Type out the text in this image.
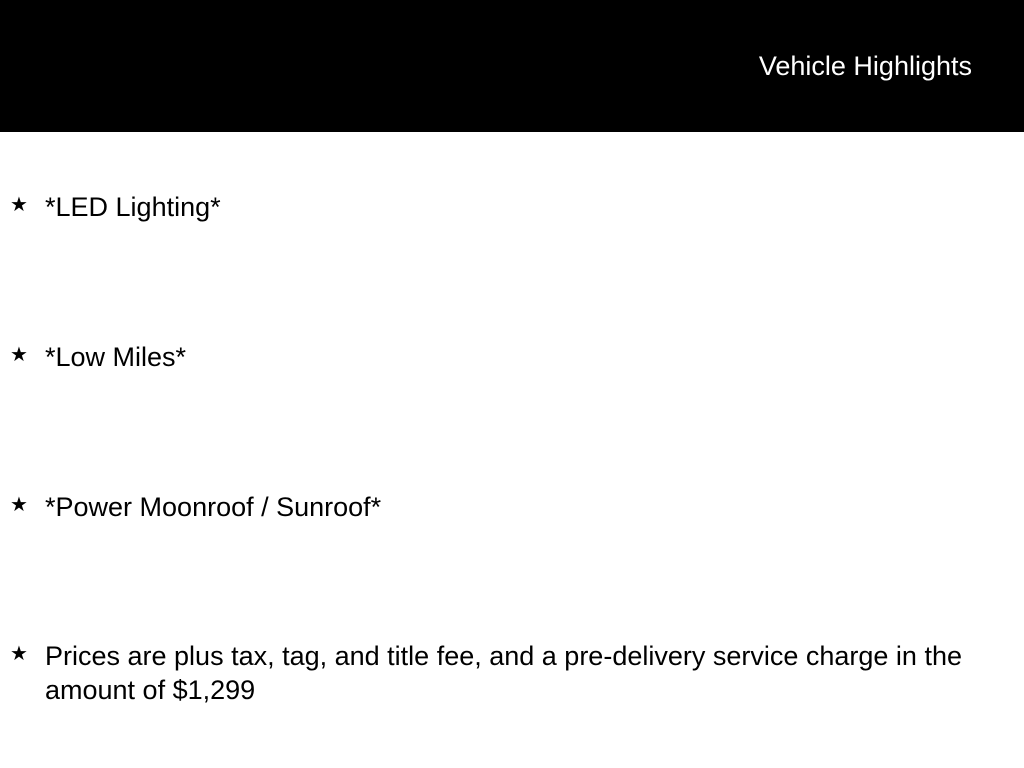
Vehicle Highlights
★ *LED Lighting*
★ *Low Miles*
★ *Power Moonroof / Sunroof*
★ Prices are plus tax, tag, and title fee, and a pre-delivery service charge in the amount of $1,299
